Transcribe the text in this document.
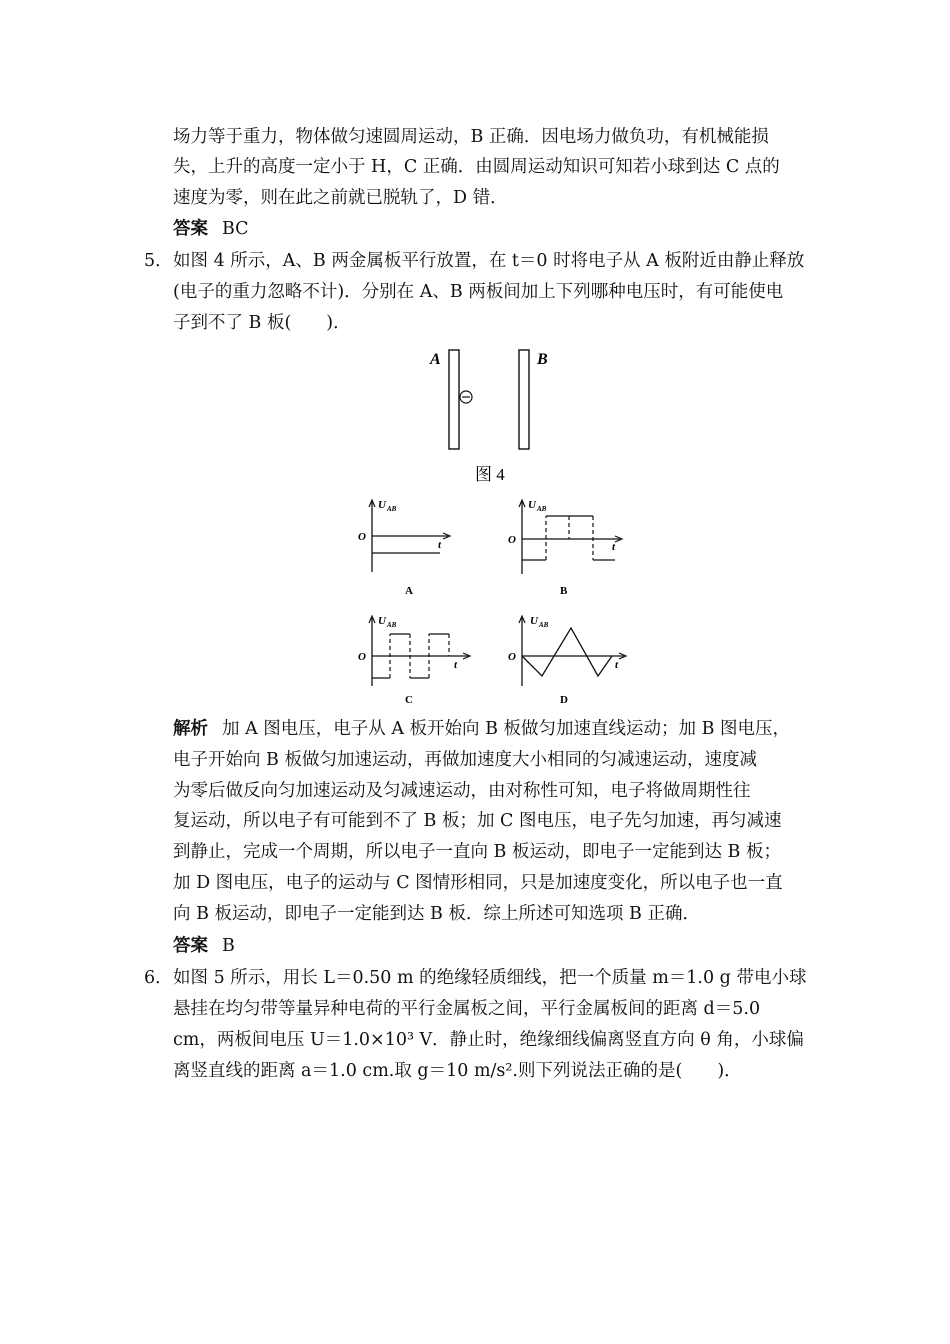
场力等于重力，物体做匀速圆周运动，B 正确．因电场力做负功，有机械能损
失，上升的高度一定小于 H，C 正确．由圆周运动知识可知若小球到达 C 点的
速度为零，则在此之前就已脱轨了，D 错．
答案 BC
5． 如图 4 所示，A、B 两金属板平行放置，在 t＝0 时将电子从 A 板附近由静止释放
(电子的重力忽略不计)．分别在 A、B 两板间加上下列哪种电压时，有可能使电
子到不了 B 板(　　)．
A	B
图 4
U AB
O
t
A
U AB
O
t
B
U AB
O
t
C
U AB
O
t
D
解析 加 A 图电压，电子从 A 板开始向 B 板做匀加速直线运动；加 B 图电压，
电子开始向 B 板做匀加速运动，再做加速度大小相同的匀减速运动，速度减
为零后做反向匀加速运动及匀减速运动，由对称性可知，电子将做周期性往
复运动，所以电子有可能到不了 B 板；加 C 图电压，电子先匀加速，再匀减速
到静止，完成一个周期，所以电子一直向 B 板运动，即电子一定能到达 B 板；
加 D 图电压，电子的运动与 C 图情形相同，只是加速度变化，所以电子也一直
向 B 板运动，即电子一定能到达 B 板．综上所述可知选项 B 正确．
答案 B
6． 如图 5 所示，用长 L＝0.50 m 的绝缘轻质细线，把一个质量 m＝1.0 g 带电小球
悬挂在均匀带等量异种电荷的平行金属板之间，平行金属板间的距离 d＝5.0
cm，两板间电压 U＝1.0×10³ V．静止时，绝缘细线偏离竖直方向 θ 角，小球偏
离竖直线的距离 a＝1.0 cm.取 g＝10 m/s².则下列说法正确的是(　　)．
